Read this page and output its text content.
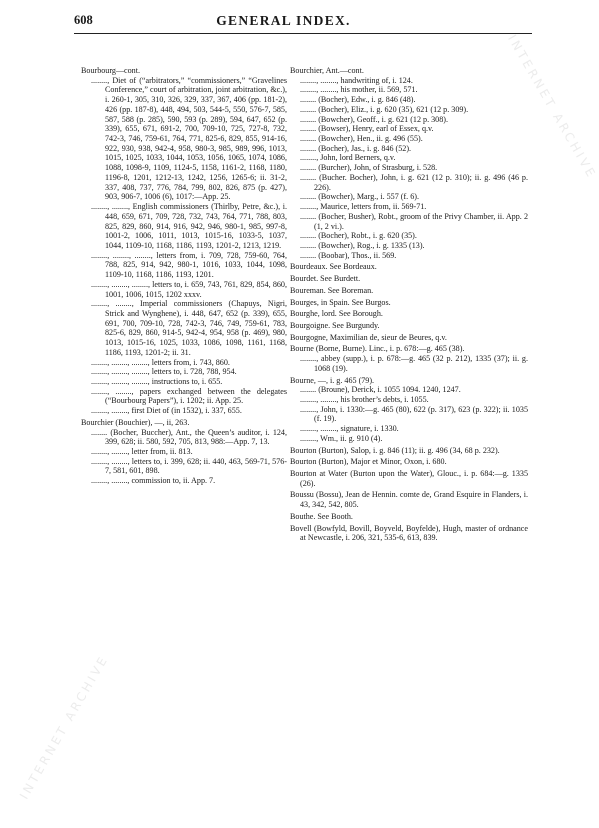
608	GENERAL INDEX.
INTERNET ARCHIVE
INTERNET ARCHIVE

Bourbourg—cont.

........, Diet of (“arbitrators,” “commissioners,” “Gravelines Conference,” court of arbitration, joint arbitration, &c.), i. 260-1, 305, 310, 326, 329, 337, 367, 406 (pp. 181-2), 426 (pp. 187-8), 448, 494, 503, 544-5, 550, 576-7, 585, 587, 588 (p. 285), 590, 593 (p. 289), 594, 647, 652 (p. 339), 655, 671, 691-2, 700, 709-10, 725, 727-8, 732, 742-3, 746, 759-61, 764, 771, 825-6, 829, 855, 914-16, 922, 930, 938, 942-4, 958, 980-3, 985, 989, 996, 1013, 1015, 1025, 1033, 1044, 1053, 1056, 1065, 1074, 1086, 1088, 1098-9, 1109, 1124-5, 1158, 1161-2, 1168, 1180, 1196-8, 1201, 1212-13, 1242, 1256, 1265-6; ii. 31-2, 337, 408, 737, 776, 784, 799, 802, 826, 875 (p. 427), 903, 906-7, 1006 (6), 1017:—App. 25.

........, ........, English commissioners (Thirlby, Petre, &c.), i. 448, 659, 671, 709, 728, 732, 743, 764, 771, 788, 803, 825, 829, 860, 914, 916, 942, 946, 980-1, 985, 997-8, 1001-2, 1006, 1011, 1013, 1015-16, 1033-5, 1037, 1044, 1109-10, 1168, 1186, 1193, 1201-2, 1213, 1219.

........, ........, ........, letters from, i. 709, 728, 759-60, 764, 788, 825, 914, 942, 980-1, 1016, 1033, 1044, 1098, 1109-10, 1168, 1186, 1193, 1201.

........, ........, ........, letters to, i. 659, 743, 761, 829, 854, 860, 1001, 1006, 1015, 1202 xxxv.

........, ........, Imperial commissioners (Chapuys, Nigri, Strick and Wynghene), i. 448, 647, 652 (p. 339), 655, 691, 700, 709-10, 728, 742-3, 746, 749, 759-61, 783, 825-6, 829, 860, 914-5, 942-4, 954, 958 (p. 469), 980, 1013, 1015-16, 1025, 1033, 1086, 1098, 1161, 1168, 1186, 1193, 1201-2; ii. 31.

........, ........, ........, letters from, i. 743, 860.

........, ........, ........, letters to, i. 728, 788, 954.

........, ........, ........, instructions to, i. 655.

........, ........, papers exchanged between the delegates (“Bourbourg Papers”), i. 1202; ii. App. 25.

........, ........, first Diet of (in 1532), i. 337, 655.

Bourchier (Bouchier), —, ii, 263.

........ (Bocher, Buccher), Ant., the Queen’s auditor, i. 124, 399, 628; ii. 580, 592, 705, 813, 988:—App. 7, 13.

........, ........, letter from, ii. 813.

........, ........, letters to, i. 399, 628; ii. 440, 463, 569-71, 576-7, 581, 601, 898.

........, ........, commission to, ii. App. 7.

Bourchier, Ant.—cont.

........, ........, handwriting of, i. 124.

........, ........, his mother, ii. 569, 571.

........ (Bocher), Edw., i. g. 846 (48).

........ (Bocher), Eliz., i. g. 620 (35), 621 (12 p. 309).

........ (Bowcher), Geoff., i. g. 621 (12 p. 308).

........ (Bowser), Henry, earl of Essex, q.v.

........ (Bowcher), Hen., ii. g. 496 (55).

........ (Bocher), Jas., i. g. 846 (52).

........, John, lord Berners, q.v.

........ (Burcher), John, of Strasburg, i. 528.

........ (Bucher. Bocher), John, i. g. 621 (12 p. 310); ii. g. 496 (46 p. 226).

........ (Bowcher), Marg., i. 557 (f. 6).

........, Maurice, letters from, ii. 569-71.

........ (Bocher, Busher), Robt., groom of the Privy Chamber, ii. App. 2 (1, 2 vi.).

........ (Bocher), Robt., i. g. 620 (35).

........ (Bowcher), Rog., i. g. 1335 (13).

........ (Boobar), Thos., ii. 569.

Bourdeaux. See Bordeaux.

Bourdet. See Burdett.

Boureman. See Boreman.

Bourges, in Spain. See Burgos.

Bourghe, lord. See Borough.

Bourgoigne. See Burgundy.

Bourgogne, Maximilian de, sieur de Beures, q.v.

Bourne (Borne, Burne). Linc., i. p. 678:—g. 465 (38).

........, abbey (supp.), i. p. 678:—g. 465 (32 p. 212), 1335 (37); ii. g. 1068 (19).

Bourne, —, i. g. 465 (79).

........ (Broune), Derick, i. 1055 1094. 1240, 1247.

........, ........, his brother’s debts, i. 1055.

........, John, i. 1330:—g. 465 (80), 622 (p. 317), 623 (p. 322); ii. 1035 (f. 19).

........, ........, signature, i. 1330.

........, Wm., ii. g. 910 (4).

Bourton (Burton), Salop, i. g. 846 (11); ii. g. 496 (34, 68 p. 232).

Bourton (Burton), Major et Minor, Oxon, i. 680.

Bourton at Water (Burton upon the Water), Glouc., i. p. 684:—g. 1335 (26).

Boussu (Bossu), Jean de Hennin. comte de, Grand Esquire in Flanders, i. 43, 342, 542, 805.

Bouthe. See Booth.

Bovell (Bowfyld, Bovill, Boyveld, Boyfelde), Hugh, master of ordnance at Newcastle, i. 206, 321, 535-6, 613, 839.
